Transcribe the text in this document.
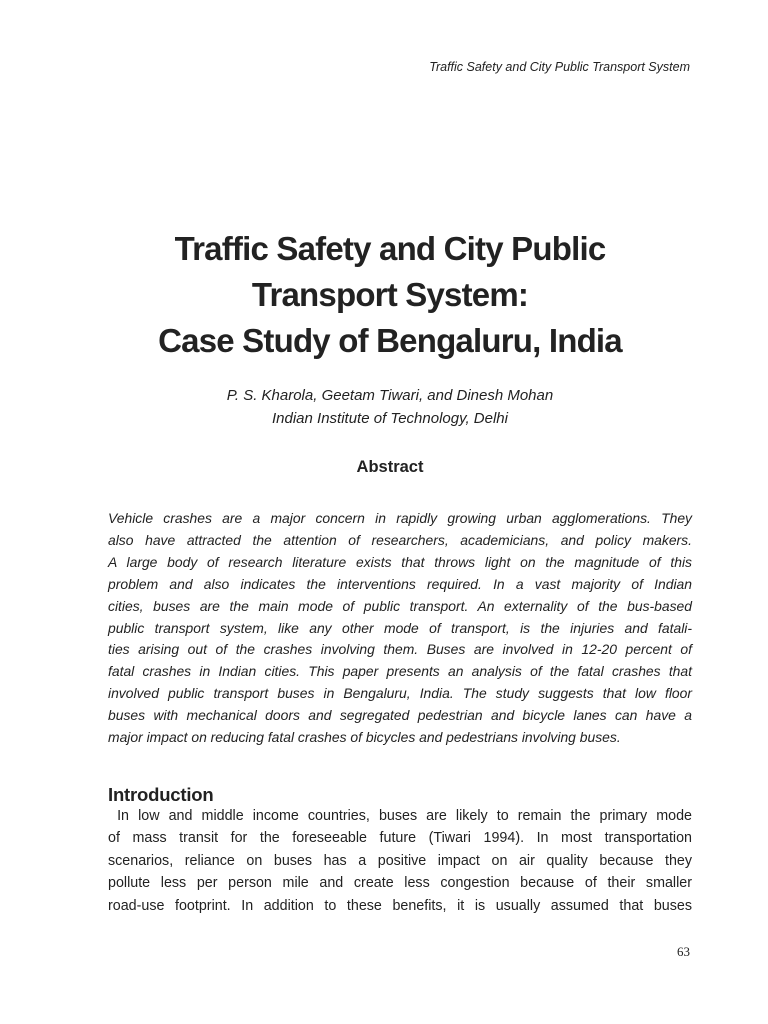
Traffic Safety and City Public Transport System
Traffic Safety and City Public
Transport System:
Case Study of Bengaluru, India
P. S. Kharola, Geetam Tiwari, and Dinesh Mohan
Indian Institute of Technology, Delhi
Abstract
Vehicle crashes are a major concern in rapidly growing urban agglomerations. They
also have attracted the attention of researchers, academicians, and policy makers.
A large body of research literature exists that throws light on the magnitude of this
problem and also indicates the interventions required. In a vast majority of Indian
cities, buses are the main mode of public transport. An externality of the bus-based
public transport system, like any other mode of transport, is the injuries and fatali-
ties arising out of the crashes involving them. Buses are involved in 12-20 percent of
fatal crashes in Indian cities. This paper presents an analysis of the fatal crashes that
involved public transport buses in Bengaluru, India. The study suggests that low floor
buses with mechanical doors and segregated pedestrian and bicycle lanes can have a
major impact on reducing fatal crashes of bicycles and pedestrians involving buses.
Introduction
In low and middle income countries, buses are likely to remain the primary mode
of mass transit for the foreseeable future (Tiwari 1994). In most transportation
scenarios, reliance on buses has a positive impact on air quality because they
pollute less per person mile and create less congestion because of their smaller
road-use footprint. In addition to these benefits, it is usually assumed that buses
63
